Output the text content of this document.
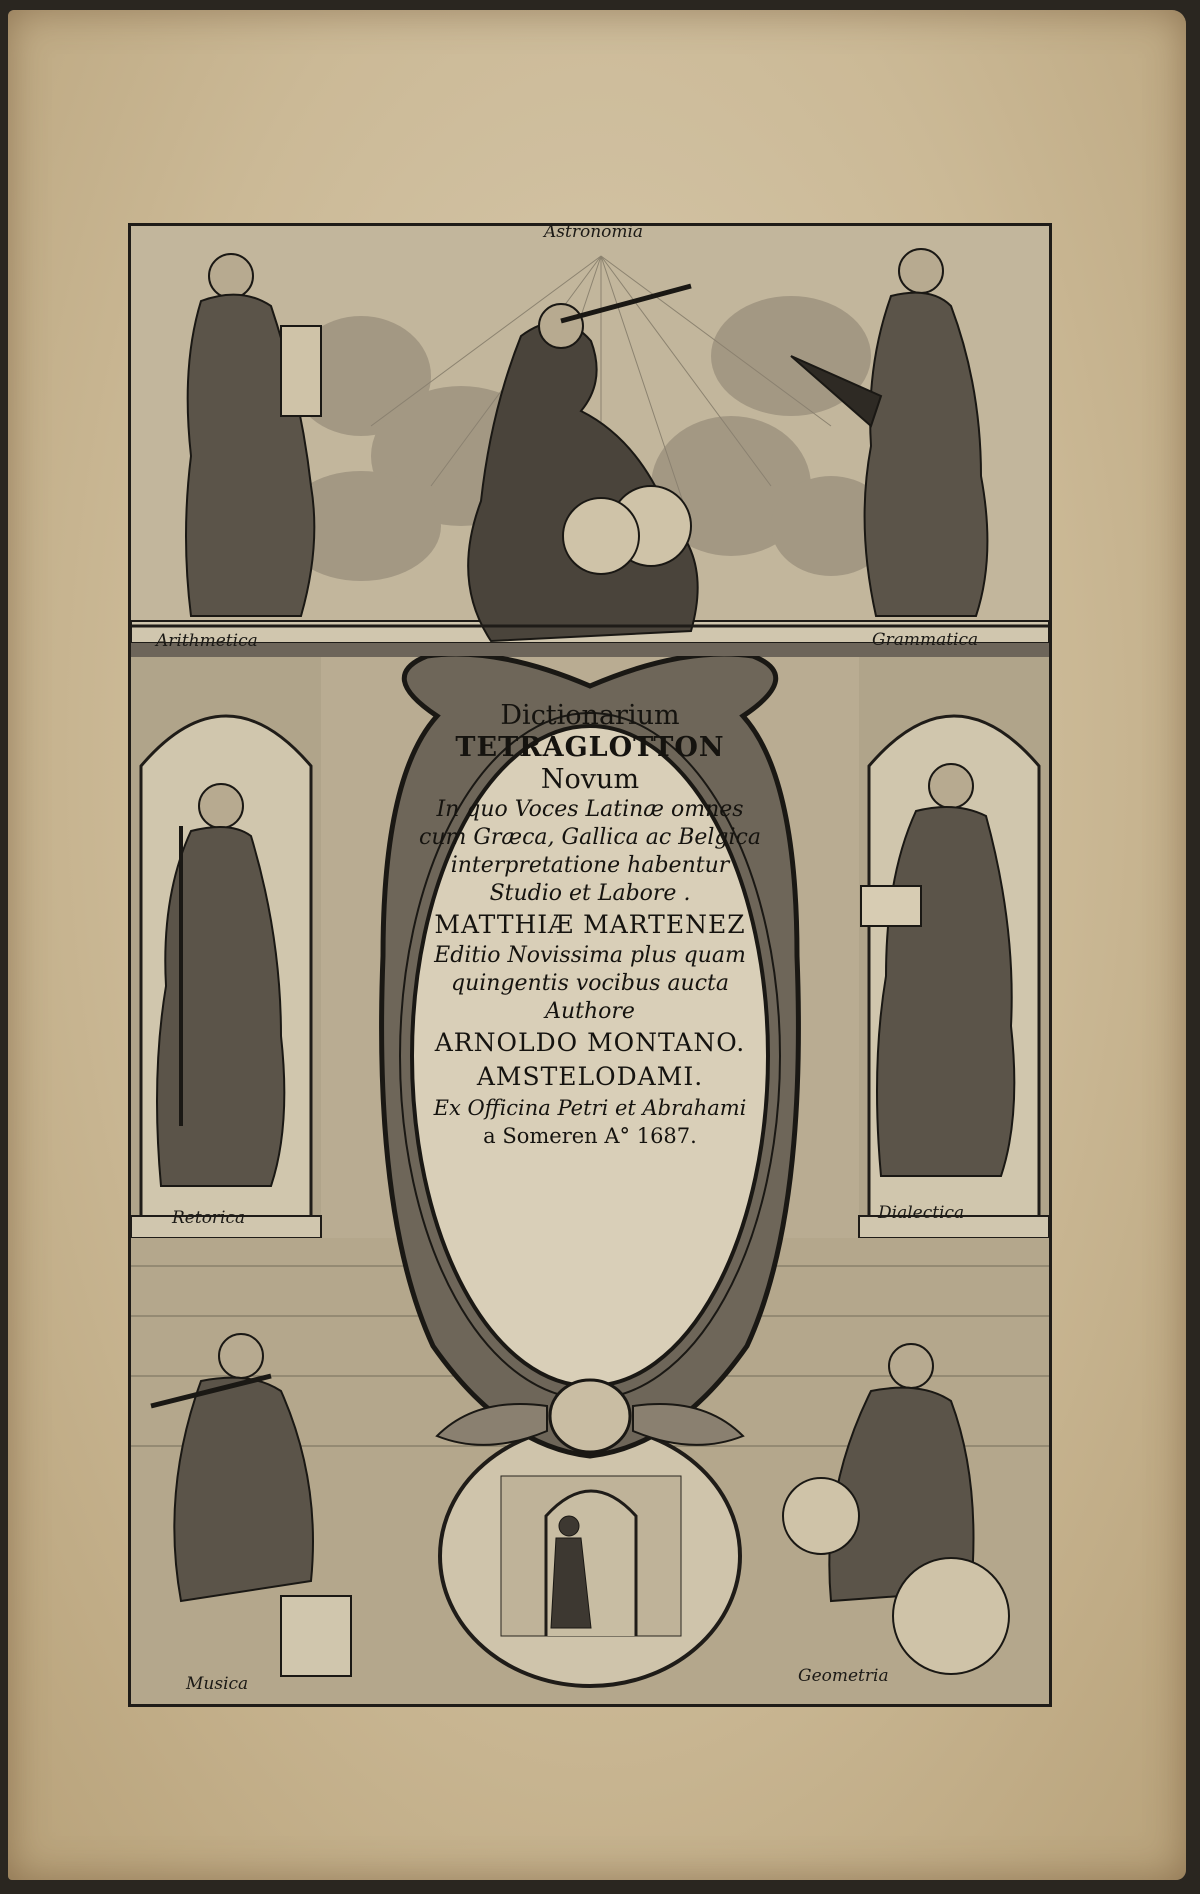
Astronomia
Arithmetica	Grammatica
Retorica	Dialectica
Musica	Geometria
Dictionarium
TETRAGLOTTON
Novum
In quo Voces Latinæ omnes
cum Græca, Gallica ac Belgica
interpretatione habentur
Studio et Labore .
MATTHIÆ MARTENEZ
Editio Novissima plus quam
quingentis vocibus aucta
Authore
ARNOLDO MONTANO.
AMSTELODAMI.
Ex Officina Petri et Abrahami
a Someren A° 1687.
